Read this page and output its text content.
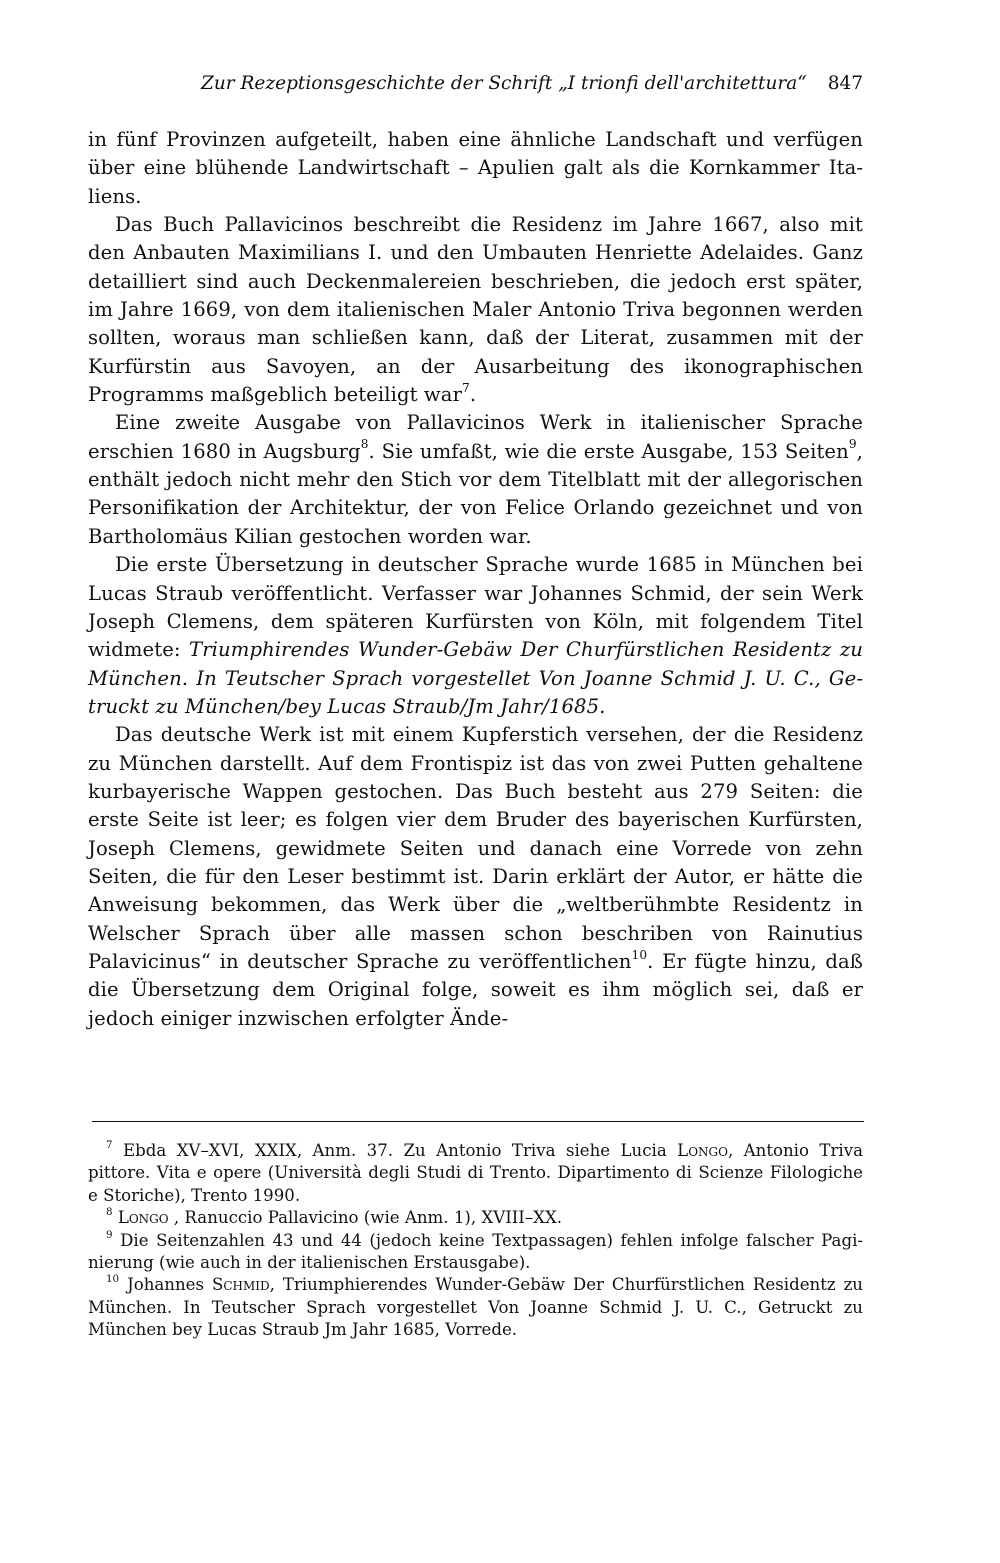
Zur Rezeptionsgeschichte der Schrift „I trionfi dell'architettura“ 847

in fünf Provinzen aufgeteilt, haben eine ähnliche Landschaft und verfügen über eine blühende Landwirtschaft – Apulien galt als die Kornkammer Italiens.

Das Buch Pallavicinos beschreibt die Residenz im Jahre 1667, also mit den Anbauten Maximilians I. und den Umbauten Henriette Adelaides. Ganz detailliert sind auch Deckenmalereien beschrieben, die jedoch erst später, im Jahre 1669, von dem italienischen Maler Antonio Triva begonnen werden sollten, woraus man schließen kann, daß der Literat, zusammen mit der Kurfürstin aus Savoyen, an der Ausarbeitung des ikonographischen Programms maßgeblich beteiligt war$^7$.

Eine zweite Ausgabe von Pallavicinos Werk in italienischer Sprache erschien 1680 in Augsburg$^8$. Sie umfaßt, wie die erste Ausgabe, 153 Seiten$^9$, enthält jedoch nicht mehr den Stich vor dem Titelblatt mit der allegorischen Personifikation der Architektur, der von Felice Orlando gezeichnet und von Bartholomäus Kilian gestochen worden war.

Die erste Übersetzung in deutscher Sprache wurde 1685 in München bei Lucas Straub veröffentlicht. Verfasser war Johannes Schmid, der sein Werk Joseph Clemens, dem späteren Kurfürsten von Köln, mit folgendem Titel widmete: Triumphirendes Wunder-Gebäw Der Churfürstlichen Residentz zu München. In Teutscher Sprach vorgestellet Von Joanne Schmid J. U. C., Getruckt zu München/bey Lucas Straub/Jm Jahr/1685.

Das deutsche Werk ist mit einem Kupferstich versehen, der die Residenz zu München darstellt. Auf dem Frontispiz ist das von zwei Putten gehaltene kurbayerische Wappen gestochen. Das Buch besteht aus 279 Seiten: die erste Seite ist leer; es folgen vier dem Bruder des bayerischen Kurfürsten, Joseph Clemens, gewidmete Seiten und danach eine Vorrede von zehn Seiten, die für den Leser bestimmt ist. Darin erklärt der Autor, er hätte die Anweisung bekommen, das Werk über die „weltberühmbte Residentz in Welscher Sprach über alle massen schon beschriben von Rainutius Palavicinus“ in deutscher Sprache zu veröffentlichen$^{10}$. Er fügte hinzu, daß die Übersetzung dem Original folge, soweit es ihm möglich sei, daß er jedoch einiger inzwischen erfolgter Ände-

$^7$ Ebda XV–XVI, XXIX, Anm. 37. Zu Antonio Triva siehe Lucia Longo, Antonio Triva pittore. Vita e opere (Università degli Studi di Trento. Dipartimento di Scienze Filologiche e Storiche), Trento 1990.

$^8$ Longo , Ranuccio Pallavicino (wie Anm. 1), XVIII–XX.

$^9$ Die Seitenzahlen 43 und 44 (jedoch keine Textpassagen) fehlen infolge falscher Paginierung (wie auch in der italienischen Erstausgabe).

$^{10}$ Johannes Schmid, Triumphierendes Wunder-Gebäw Der Churfürstlichen Residentz zu München. In Teutscher Sprach vorgestellet Von Joanne Schmid J. U. C., Getruckt zu München bey Lucas Straub Jm Jahr 1685, Vorrede.
